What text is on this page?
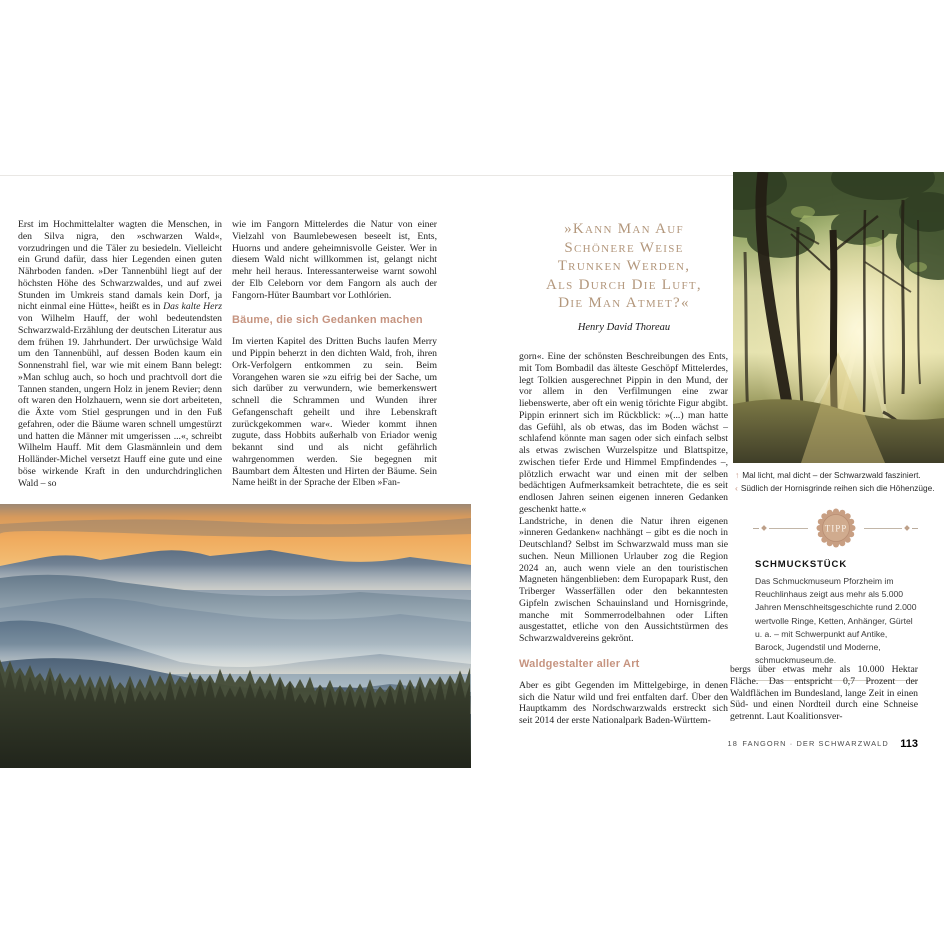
Erst im Hochmittelalter wagten die Menschen, in den Silva nigra, den »schwarzen Wald«, vorzudringen und die Täler zu besiedeln. Vielleicht ein Grund dafür, dass hier Legenden einen guten Nährboden fanden. »Der Tannenbühl liegt auf der höchsten Höhe des Schwarzwaldes, und auf zwei Stunden im Umkreis stand damals kein Dorf, ja nicht einmal eine Hütte«, heißt es in Das kalte Herz von Wilhelm Hauff, der wohl bedeutendsten Schwarzwald-Erzählung der deutschen Literatur aus dem frühen 19. Jahrhundert. Der urwüchsige Wald um den Tannenbühl, auf dessen Boden kaum ein Sonnenstrahl fiel, war wie mit einem Bann belegt: »Man schlug auch, so hoch und prachtvoll dort die Tannen standen, ungern Holz in jenem Revier; denn oft waren den Holzhauern, wenn sie dort arbeiteten, die Äxte vom Stiel gesprungen und in den Fuß gefahren, oder die Bäume waren schnell umgestürzt und hatten die Männer mit umgerissen ...«, schreibt Wilhelm Hauff. Mit dem Glasmännlein und dem Holländer-Michel versetzt Hauff eine gute und eine böse wirkende Kraft in den undurchdringlichen Wald – so

wie im Fangorn Mittelerdes die Natur von einer Vielzahl von Baumlebewesen beseelt ist, Ents, Huorns und andere geheimnisvolle Geister. Wer in diesem Wald nicht willkommen ist, gelangt nicht mehr heil heraus. Interessanterweise warnt sowohl der Elb Celeborn vor dem Fangorn als auch der Fangorn-Hüter Baumbart vor Lothlórien.

Bäume, die sich Gedanken machen

Im vierten Kapitel des Dritten Buchs laufen Merry und Pippin beherzt in den dichten Wald, froh, ihren Ork-Verfolgern entkommen zu sein. Beim Vorangehen waren sie »zu eifrig bei der Sache, um sich darüber zu verwundern, wie bemerkenswert schnell die Schrammen und Wunden ihrer Gefangenschaft geheilt und ihre Lebenskraft zurückgekommen war«. Wieder kommt ihnen zugute, dass Hobbits außerhalb von Eriador wenig bekannt sind und als nicht gefährlich wahrgenommen werden. Sie begegnen mit Baumbart dem Ältesten und Hirten der Bäume. Sein Name heißt in der Sprache der Elben »Fan-

»Kann Man Auf
Schönere Weise
Trunken Werden,
Als Durch Die Luft,
Die Man Atmet?«
Henry David Thoreau

gorn«. Eine der schönsten Beschreibungen des Ents, mit Tom Bombadil das älteste Geschöpf Mittelerdes, legt Tolkien ausgerechnet Pippin in den Mund, der vor allem in den Verfilmungen eine zwar liebenswerte, aber oft ein wenig törichte Figur abgibt. Pippin erinnert sich im Rückblick: »(...) man hatte das Gefühl, als ob etwas, das im Boden wächst – schlafend könnte man sagen oder sich einfach selbst als etwas zwischen Wurzelspitze und Blattspitze, zwischen tiefer Erde und Himmel Empfindendes –, plötzlich erwacht war und einen mit der selben bedächtigen Aufmerksamkeit betrachtete, die es seit endlosen Jahren seinen eigenen inneren Gedanken geschenkt hatte.«

Landstriche, in denen die Natur ihren eigenen »inneren Gedanken« nachhängt – gibt es die noch in Deutschland? Selbst im Schwarzwald muss man sie suchen. Neun Millionen Urlauber zog die Region 2024 an, auch wenn viele an den touristischen Magneten hängenblieben: dem Europapark Rust, den Triberger Wasserfällen oder den bekanntesten Gipfeln zwischen Schauinsland und Hornisgrinde, manche mit Sommerrodelbahnen oder Liften ausgestattet, etliche von den Aussichtstürmen des Schwarzwaldvereins gekrönt.

Waldgestalter aller Art

Aber es gibt Gegenden im Mittelgebirge, in denen sich die Natur wild und frei entfalten darf. Über den Hauptkamm des Nordschwarzwalds erstreckt sich seit 2014 der erste Nationalpark Baden-Württem-

↑ Mal licht, mal dicht – der Schwarzwald fasziniert.
‹ Südlich der Hornisgrinde reihen sich die Höhenzüge.
TIPP
SCHMUCKSTÜCK
Das Schmuckmuseum Pforzheim im Reuchlinhaus zeigt aus mehr als 5.000 Jahren Menschheitsgeschichte rund 2.000 wertvolle Ringe, Ketten, Anhänger, Gürtel u. a. – mit Schwerpunkt auf Antike, Barock, Jugendstil und Moderne, schmuckmuseum.de.

bergs über etwas mehr als 10.000 Hektar Fläche. Das entspricht 0,7 Prozent der Waldflächen im Bundesland, lange Zeit in einen Süd- und einen Nordteil durch eine Schneise getrennt. Laut Koalitionsver-

18 FANGORN · DER SCHWARZWALD 113
